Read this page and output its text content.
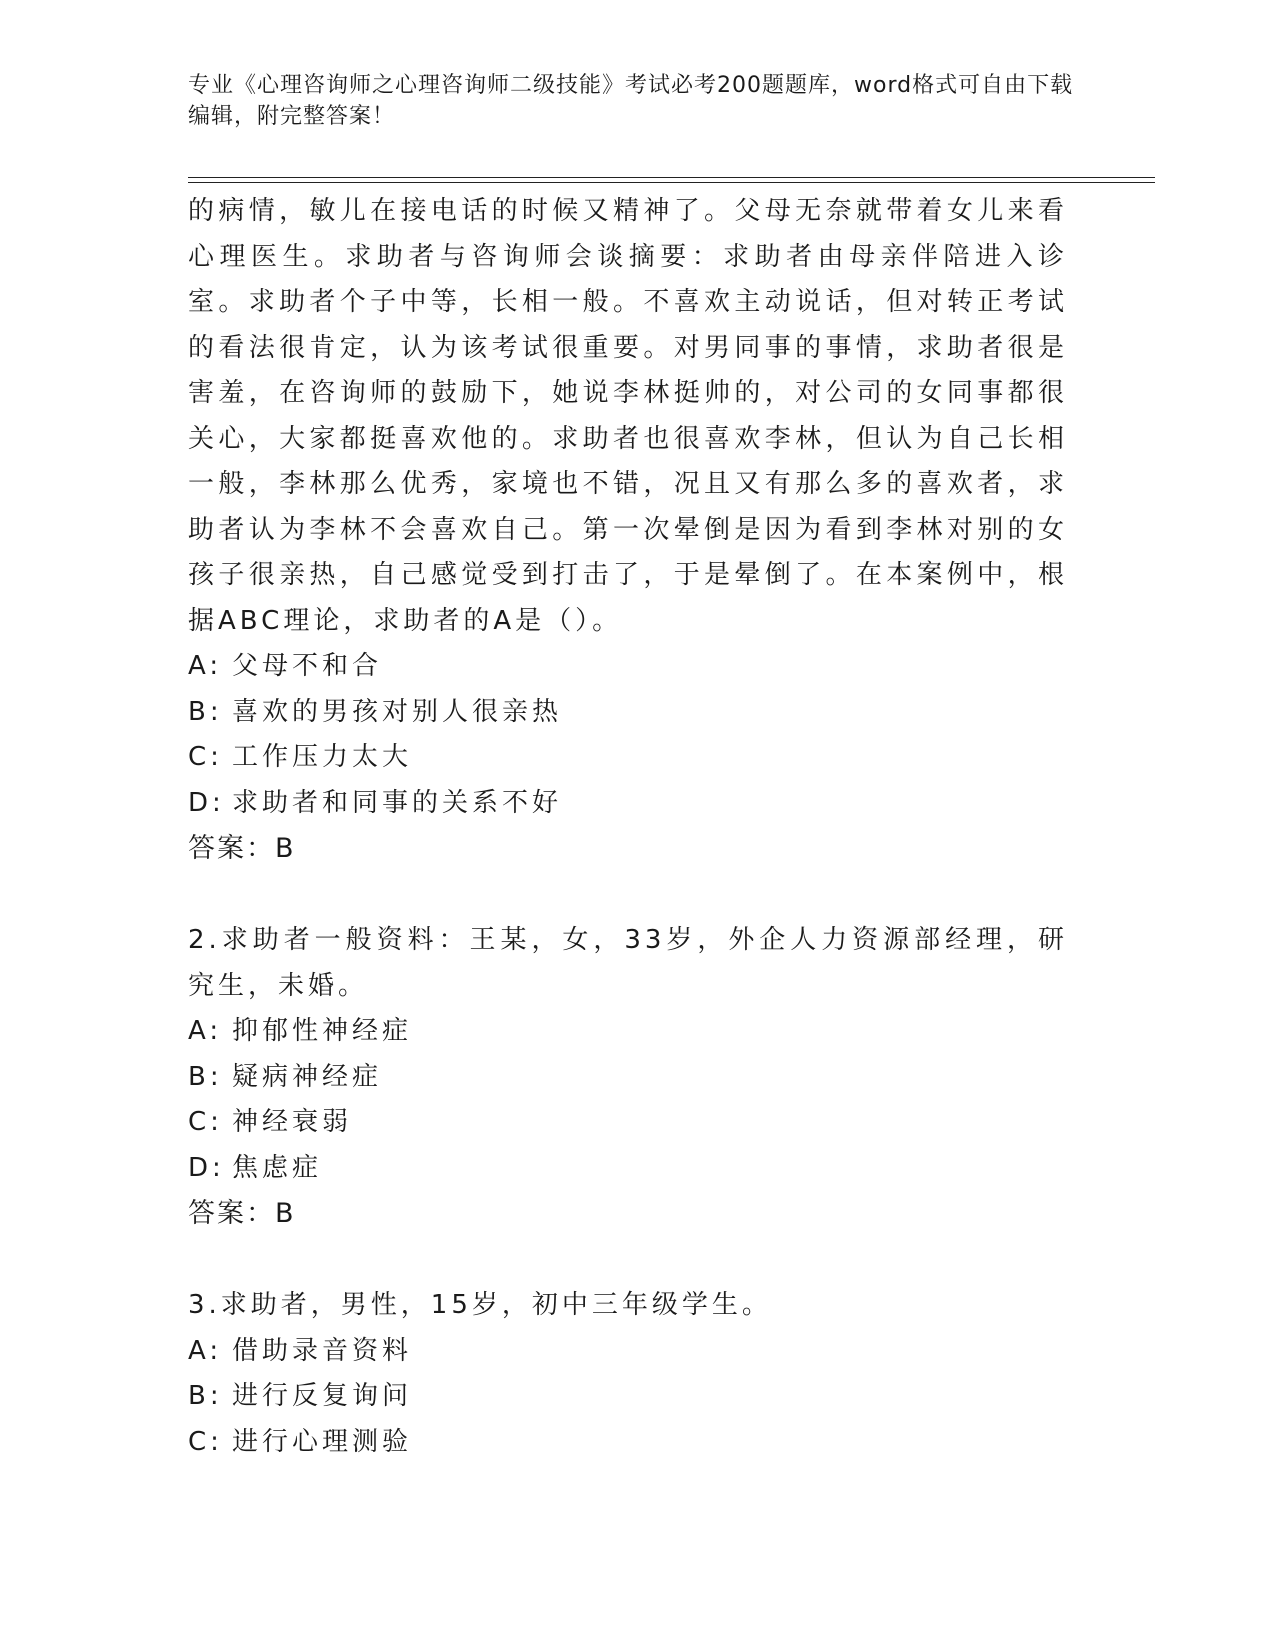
专业《心理咨询师之心理咨询师二级技能》考试必考200题题库，word格式可自由下载编辑，附完整答案！

的病情，敏儿在接电话的时候又精神了。父母无奈就带着女儿来看心理医生。求助者与咨询师会谈摘要：求助者由母亲伴陪进入诊室。求助者个子中等，长相一般。不喜欢主动说话，但对转正考试的看法很肯定，认为该考试很重要。对男同事的事情，求助者很是害羞，在咨询师的鼓励下，她说李林挺帅的，对公司的女同事都很关心，大家都挺喜欢他的。求助者也很喜欢李林，但认为自己长相一般，李林那么优秀，家境也不错，况且又有那么多的喜欢者，求助者认为李林不会喜欢自己。第一次晕倒是因为看到李林对别的女孩子很亲热，自己感觉受到打击了，于是晕倒了。在本案例中，根据ABC理论，求助者的A是（）。

A: 父母不和合

B: 喜欢的男孩对别人很亲热

C: 工作压力太大

D: 求助者和同事的关系不好

答案：B

2.求助者一般资料：王某，女，33岁，外企人力资源部经理，研究生，未婚。

A: 抑郁性神经症

B: 疑病神经症

C: 神经衰弱

D: 焦虑症

答案：B

3.求助者，男性，15岁，初中三年级学生。

A: 借助录音资料

B: 进行反复询问

C: 进行心理测验
